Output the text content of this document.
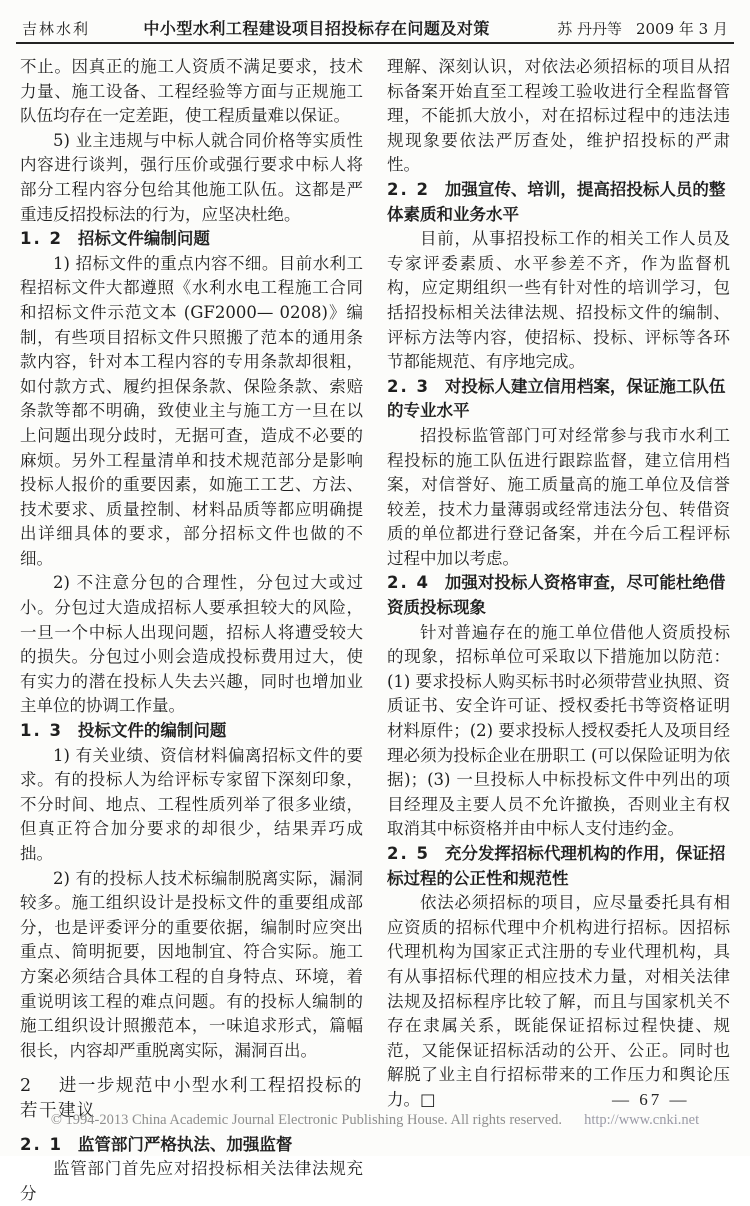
吉林水利	中小型水利工程建设项目招投标存在问题及对策	苏 丹丹等 2009 年 3 月
不止。因真正的施工人资质不满足要求，技术力量、施工设备、工程经验等方面与正规施工队伍均存在一定差距，使工程质量难以保证。
5) 业主违规与中标人就合同价格等实质性内容进行谈判，强行压价或强行要求中标人将部分工程内容分包给其他施工队伍。这都是严重违反招投标法的行为，应坚决杜绝。
1. 2 招标文件编制问题
1) 招标文件的重点内容不细。目前水利工程招标文件大都遵照《水利水电工程施工合同和招标文件示范文本 (GF2000— 0208)》编制，有些项目招标文件只照搬了范本的通用条款内容，针对本工程内容的专用条款却很粗，如付款方式、履约担保条款、保险条款、索赔条款等都不明确，致使业主与施工方一旦在以上问题出现分歧时，无据可查，造成不必要的麻烦。另外工程量清单和技术规范部分是影响投标人报价的重要因素，如施工工艺、方法、技术要求、质量控制、材料品质等都应明确提出详细具体的要求，部分招标文件也做的不细。
2) 不注意分包的合理性，分包过大或过小。分包过大造成招标人要承担较大的风险，一旦一个中标人出现问题，招标人将遭受较大的损失。分包过小则会造成投标费用过大，使有实力的潜在投标人失去兴趣，同时也增加业主单位的协调工作量。
1. 3 投标文件的编制问题
1) 有关业绩、资信材料偏离招标文件的要求。有的投标人为给评标专家留下深刻印象，不分时间、地点、工程性质列举了很多业绩，但真正符合加分要求的却很少，结果弄巧成拙。
2) 有的投标人技术标编制脱离实际，漏洞较多。施工组织设计是投标文件的重要组成部分，也是评委评分的重要依据，编制时应突出重点、简明扼要，因地制宜、符合实际。施工方案必须结合具体工程的自身特点、环境，着重说明该工程的难点问题。有的投标人编制的施工组织设计照搬范本，一味追求形式，篇幅很长，内容却严重脱离实际，漏洞百出。
2 进一步规范中小型水利工程招投标的若干建议
2. 1 监管部门严格执法、加强监督
监管部门首先应对招投标相关法律法规充分
理解、深刻认识，对依法必须招标的项目从招标备案开始直至工程竣工验收进行全程监督管理，不能抓大放小，对在招标过程中的违法违规现象要依法严厉查处，维护招投标的严肃性。
2. 2 加强宣传、培训，提高招投标人员的整体素质和业务水平
目前，从事招投标工作的相关工作人员及专家评委素质、水平参差不齐，作为监督机构，应定期组织一些有针对性的培训学习，包括招投标相关法律法规、招投标文件的编制、评标方法等内容，使招标、投标、评标等各环节都能规范、有序地完成。
2. 3 对投标人建立信用档案，保证施工队伍的专业水平
招投标监管部门可对经常参与我市水利工程投标的施工队伍进行跟踪监督，建立信用档案，对信誉好、施工质量高的施工单位及信誉较差，技术力量薄弱或经常违法分包、转借资质的单位都进行登记备案，并在今后工程评标过程中加以考虑。
2. 4 加强对投标人资格审查，尽可能杜绝借资质投标现象
针对普遍存在的施工单位借他人资质投标的现象，招标单位可采取以下措施加以防范：(1) 要求投标人购买标书时必须带营业执照、资质证书、安全许可证、授权委托书等资格证明材料原件；(2) 要求投标人授权委托人及项目经理必须为投标企业在册职工 (可以保险证明为依据)；(3) 一旦投标人中标投标文件中列出的项目经理及主要人员不允许撤换，否则业主有权取消其中标资格并由中标人支付违约金。
2. 5 充分发挥招标代理机构的作用，保证招标过程的公正性和规范性
依法必须招标的项目，应尽量委托具有相应资质的招标代理中介机构进行招标。因招标代理机构为国家正式注册的专业代理机构，具有从事招标代理的相应技术力量，对相关法律法规及招标程序比较了解，而且与国家机关不存在隶属关系，既能保证招标过程快捷、规范，又能保证招标活动的公开、公正。同时也解脱了业主自行招标带来的工作压力和舆论压力。□	— 67 —
© 1994-2013 China Academic Journal Electronic Publishing House. All rights reserved. http://www.cnki.net
